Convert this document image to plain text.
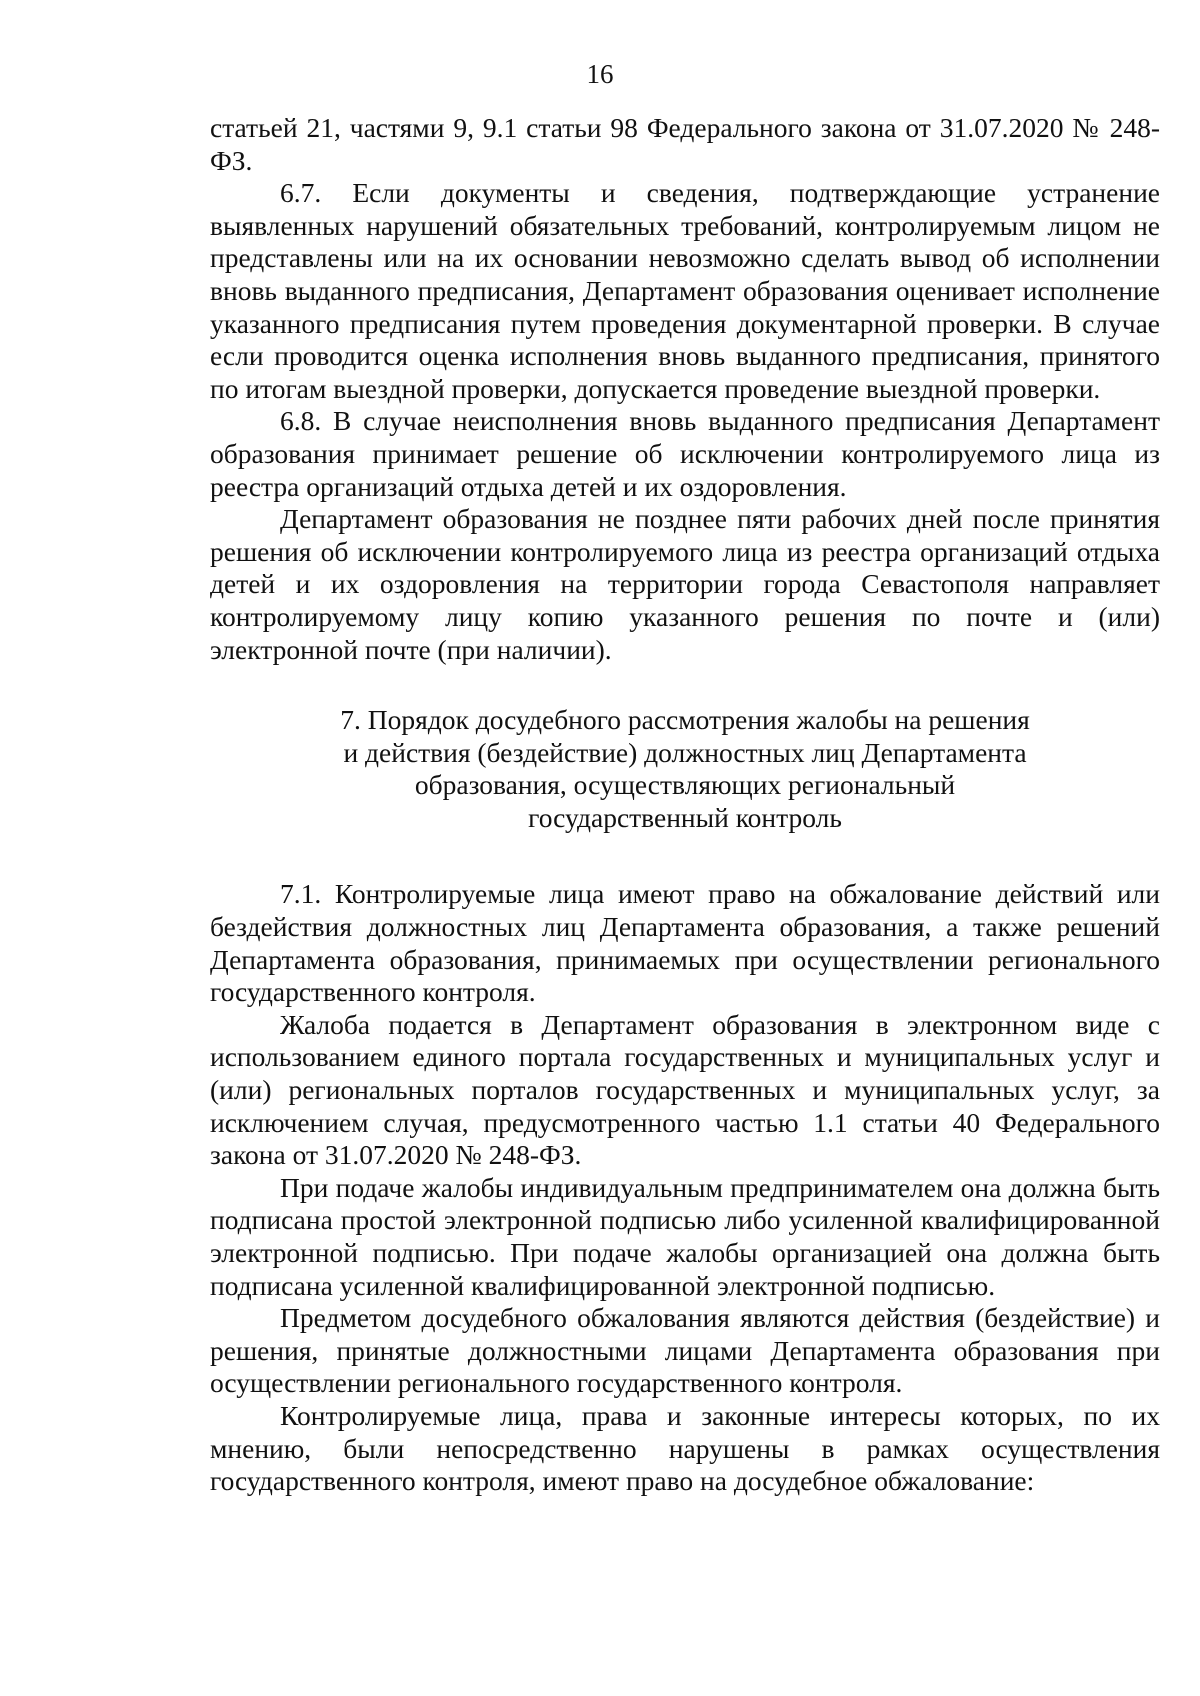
16

статьей 21, частями 9, 9.1 статьи 98 Федерального закона от 31.07.2020 № 248-ФЗ.

6.7. Если документы и сведения, подтверждающие устранение выявленных нарушений обязательных требований, контролируемым лицом не представлены или на их основании невозможно сделать вывод об исполнении вновь выданного предписания, Департамент образования оценивает исполнение указанного предписания путем проведения документарной проверки. В случае если проводится оценка исполнения вновь выданного предписания, принятого по итогам выездной проверки, допускается проведение выездной проверки.

6.8. В случае неисполнения вновь выданного предписания Департамент образования принимает решение об исключении контролируемого лица из реестра организаций отдыха детей и их оздоровления.

Департамент образования не позднее пяти рабочих дней после принятия решения об исключении контролируемого лица из реестра организаций отдыха детей и их оздоровления на территории города Севастополя направляет контролируемому лицу копию указанного решения по почте и (или) электронной почте (при наличии).

7. Порядок досудебного рассмотрения жалобы на решения
и действия (бездействие) должностных лиц Департамента
образования, осуществляющих региональный
государственный контроль

7.1. Контролируемые лица имеют право на обжалование действий или бездействия должностных лиц Департамента образования, а также решений Департамента образования, принимаемых при осуществлении регионального государственного контроля.

Жалоба подается в Департамент образования в электронном виде с использованием единого портала государственных и муниципальных услуг и (или) региональных порталов государственных и муниципальных услуг, за исключением случая, предусмотренного частью 1.1 статьи 40 Федерального закона от 31.07.2020 № 248-ФЗ.

При подаче жалобы индивидуальным предпринимателем она должна быть подписана простой электронной подписью либо усиленной квалифицированной электронной подписью. При подаче жалобы организацией она должна быть подписана усиленной квалифицированной электронной подписью.

Предметом досудебного обжалования являются действия (бездействие) и решения, принятые должностными лицами Департамента образования при осуществлении регионального государственного контроля.

Контролируемые лица, права и законные интересы которых, по их мнению, были непосредственно нарушены в рамках осуществления государственного контроля, имеют право на досудебное обжалование:
